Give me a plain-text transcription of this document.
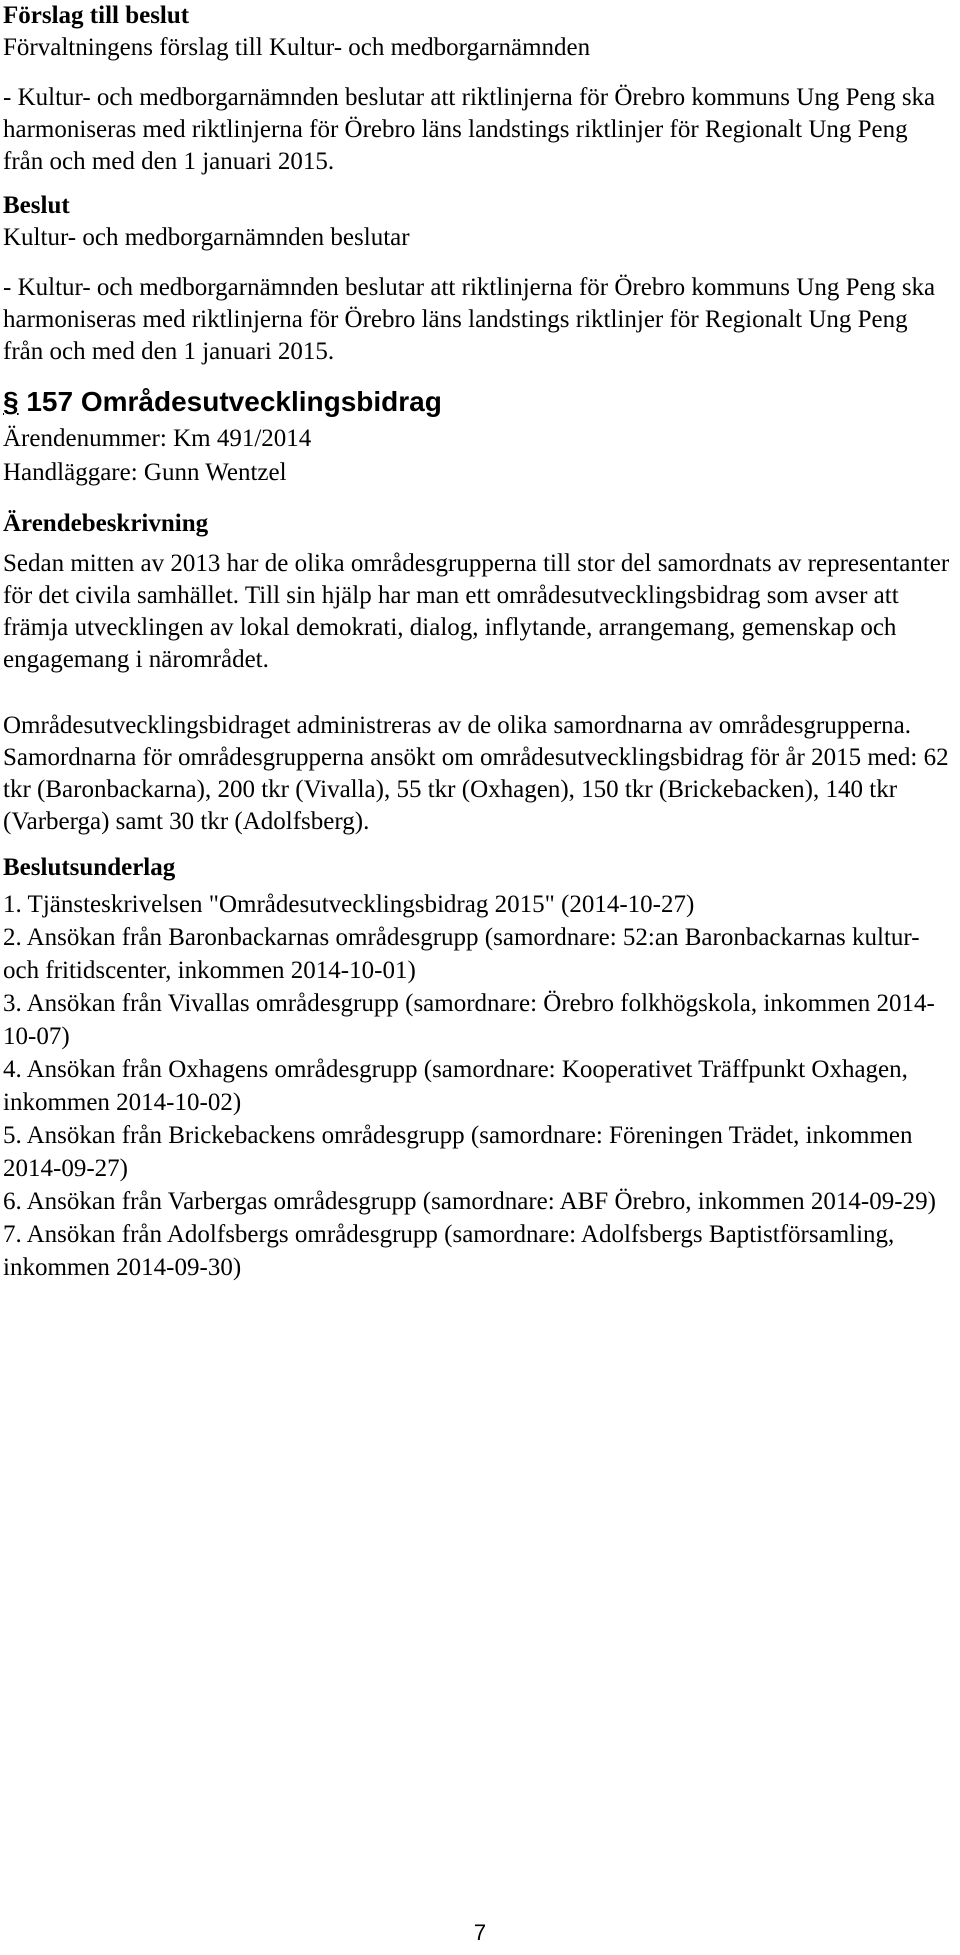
Förslag till beslut

Förvaltningens förslag till Kultur- och medborgarnämnden

- Kultur- och medborgarnämnden beslutar att riktlinjerna för Örebro kommuns Ung Peng ska harmoniseras med riktlinjerna för Örebro läns landstings riktlinjer för Regionalt Ung Peng från och med den 1 januari 2015.

Beslut

Kultur- och medborgarnämnden beslutar

- Kultur- och medborgarnämnden beslutar att riktlinjerna för Örebro kommuns Ung Peng ska harmoniseras med riktlinjerna för Örebro läns landstings riktlinjer för Regionalt Ung Peng från och med den 1 januari 2015.

§ 157 Områdesutvecklingsbidrag

Ärendenummer: Km 491/2014

Handläggare: Gunn Wentzel

Ärendebeskrivning

Sedan mitten av 2013 har de olika områdesgrupperna till stor del samordnats av representanter för det civila samhället. Till sin hjälp har man ett områdesutvecklingsbidrag som avser att främja utvecklingen av lokal demokrati, dialog, inflytande, arrangemang, gemenskap och engagemang i närområdet.

Områdesutvecklingsbidraget administreras av de olika samordnarna av områdesgrupperna. Samordnarna för områdesgrupperna ansökt om områdesutvecklingsbidrag för år 2015 med: 62 tkr (Baronbackarna), 200 tkr (Vivalla), 55 tkr (Oxhagen), 150 tkr (Brickebacken), 140 tkr (Varberga) samt 30 tkr (Adolfsberg).

Beslutsunderlag

1. Tjänsteskrivelsen "Områdesutvecklingsbidrag 2015" (2014-10-27)

2. Ansökan från Baronbackarnas områdesgrupp (samordnare: 52:an Baronbackarnas kultur- och fritidscenter, inkommen 2014-10-01)

3. Ansökan från Vivallas områdesgrupp (samordnare: Örebro folkhögskola, inkommen 2014-10-07)

4. Ansökan från Oxhagens områdesgrupp (samordnare: Kooperativet Träffpunkt Oxhagen, inkommen 2014-10-02)

5. Ansökan från Brickebackens områdesgrupp (samordnare: Föreningen Trädet, inkommen 2014-09-27)

6. Ansökan från Varbergas områdesgrupp (samordnare: ABF Örebro, inkommen 2014-09-29)

7. Ansökan från Adolfsbergs områdesgrupp (samordnare: Adolfsbergs Baptistförsamling, inkommen 2014-09-30)

7
